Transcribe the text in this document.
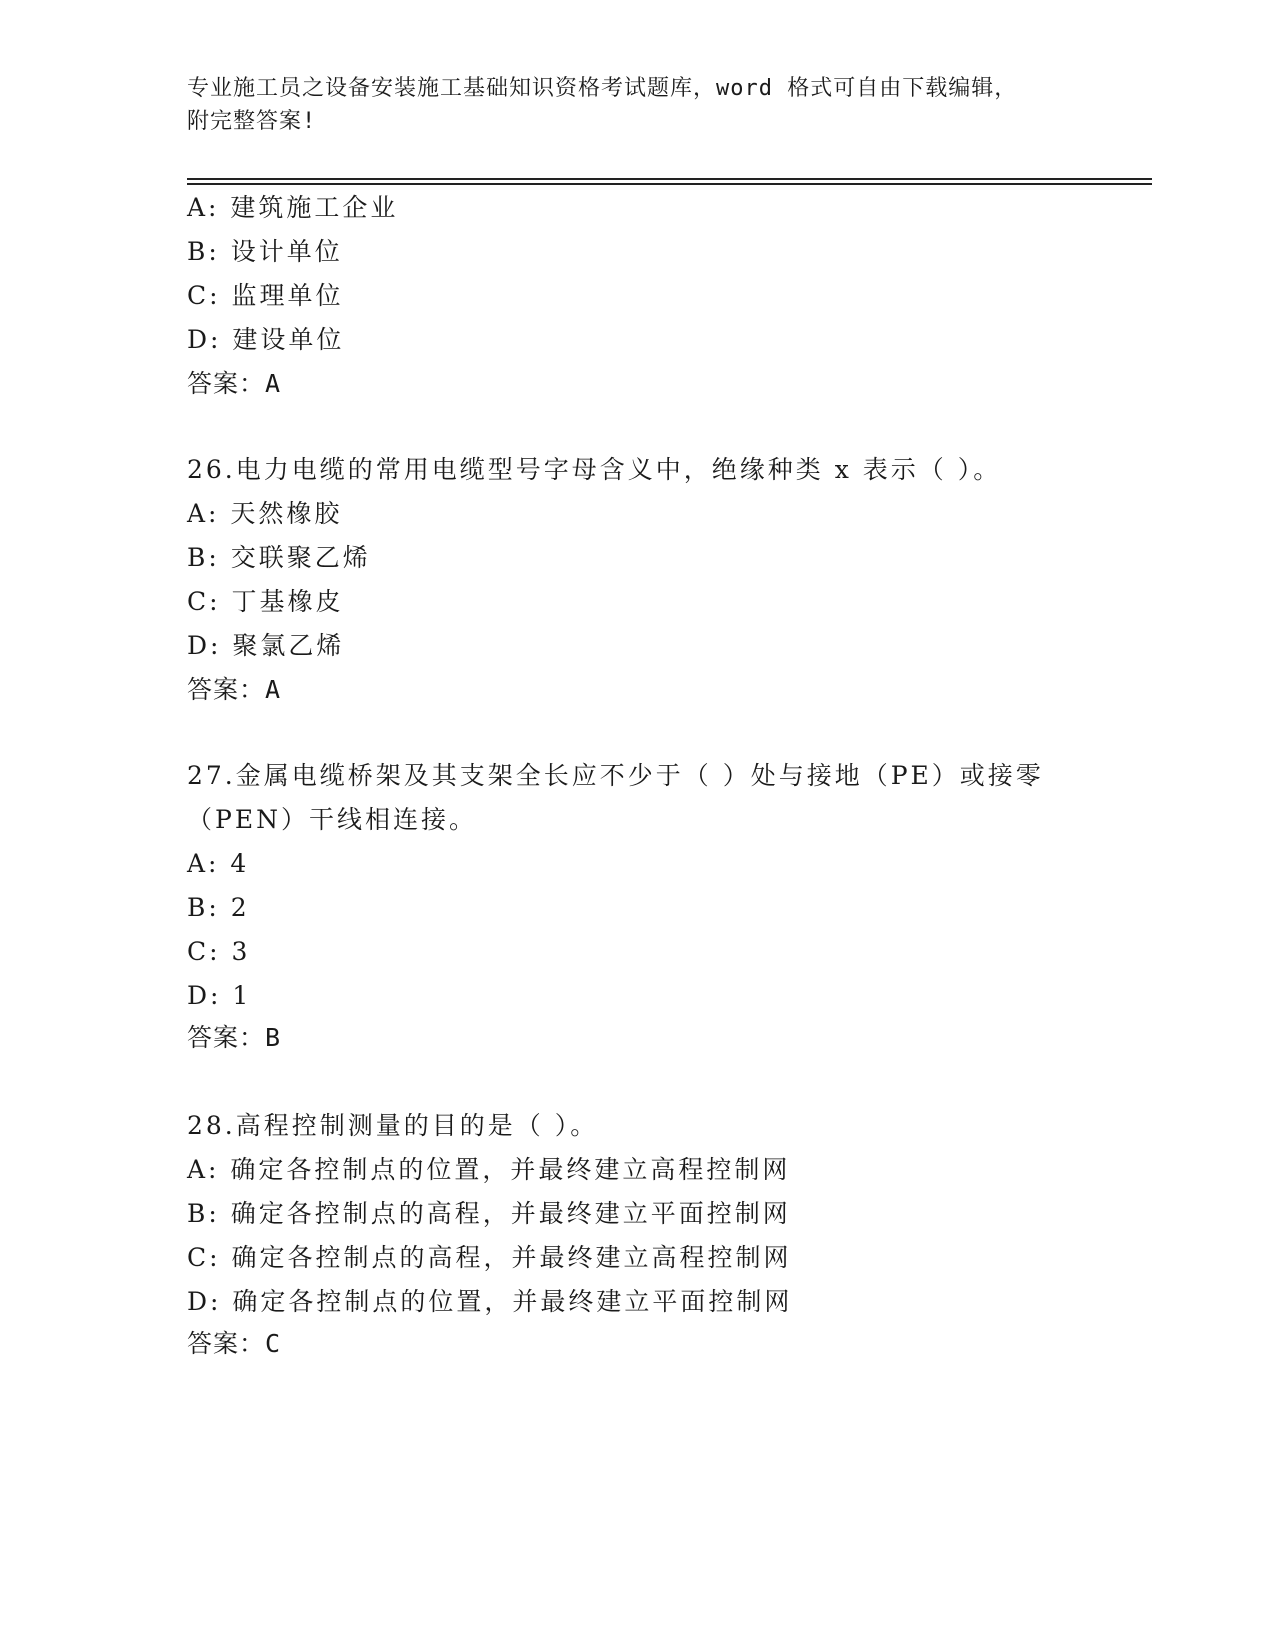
专业施工员之设备安装施工基础知识资格考试题库，word 格式可自由下载编辑，
附完整答案!
A: 建筑施工企业
B: 设计单位
C: 监理单位
D: 建设单位
答案：A
26.电力电缆的常用电缆型号字母含义中，绝缘种类 x 表示（ ）。
A: 天然橡胶
B: 交联聚乙烯
C: 丁基橡皮
D: 聚氯乙烯
答案：A
27.金属电缆桥架及其支架全长应不少于（ ）处与接地（PE）或接零
（PEN）干线相连接。
A: 4
B: 2
C: 3
D: 1
答案：B
28.高程控制测量的目的是（ ）。
A: 确定各控制点的位置，并最终建立高程控制网
B: 确定各控制点的高程，并最终建立平面控制网
C: 确定各控制点的高程，并最终建立高程控制网
D: 确定各控制点的位置，并最终建立平面控制网
答案：C
